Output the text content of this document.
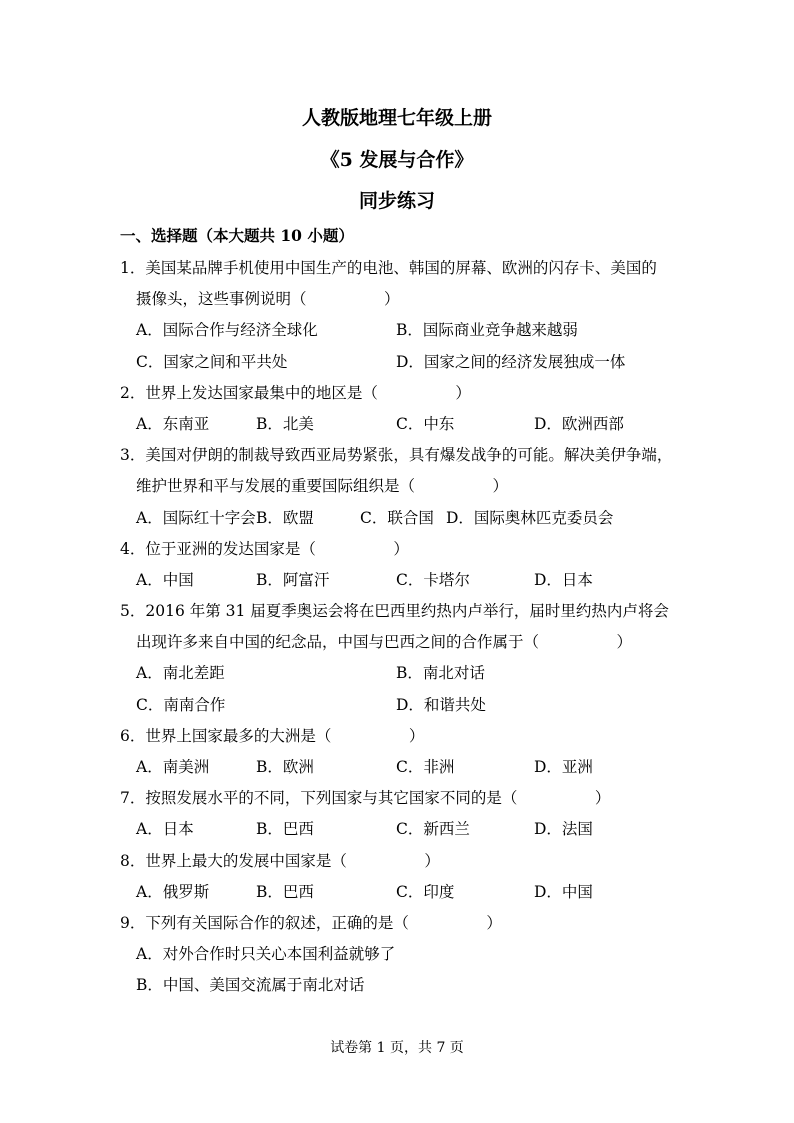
人教版地理七年级上册
《5 发展与合作》
同步练习
一、选择题（本大题共 10 小题）
1．美国某品牌手机使用中国生产的电池、韩国的屏幕、欧洲的闪存卡、美国的
摄像头，这些事例说明（　　　　　）
A．国际合作与经济全球化	B．国际商业竞争越来越弱
C．国家之间和平共处	D．国家之间的经济发展独成一体
2．世界上发达国家最集中的地区是（　　　　　）
A．东南亚	B．北美	C．中东	D．欧洲西部
3．美国对伊朗的制裁导致西亚局势紧张，具有爆发战争的可能。解决美伊争端，
维护世界和平与发展的重要国际组织是（　　　　　）
A．国际红十字会 B．欧盟	C．联合国 D．国际奥林匹克委员会
4．位于亚洲的发达国家是（　　　　　）
A．中国	B．阿富汗	C．卡塔尔	D．日本
5．2016 年第 31 届夏季奥运会将在巴西里约热内卢举行，届时里约热内卢将会
出现许多来自中国的纪念品，中国与巴西之间的合作属于（　　　　　）
A．南北差距	B．南北对话
C．南南合作	D．和谐共处
6．世界上国家最多的大洲是（　　　　　）
A．南美洲	B．欧洲	C．非洲	D．亚洲
7．按照发展水平的不同，下列国家与其它国家不同的是（　　　　　）
A．日本	B．巴西	C．新西兰	D．法国
8．世界上最大的发展中国家是（　　　　　）
A．俄罗斯	B．巴西	C．印度	D．中国
9．下列有关国际合作的叙述，正确的是（　　　　　）
A．对外合作时只关心本国利益就够了
B．中国、美国交流属于南北对话
试卷第 1 页，共 7 页
